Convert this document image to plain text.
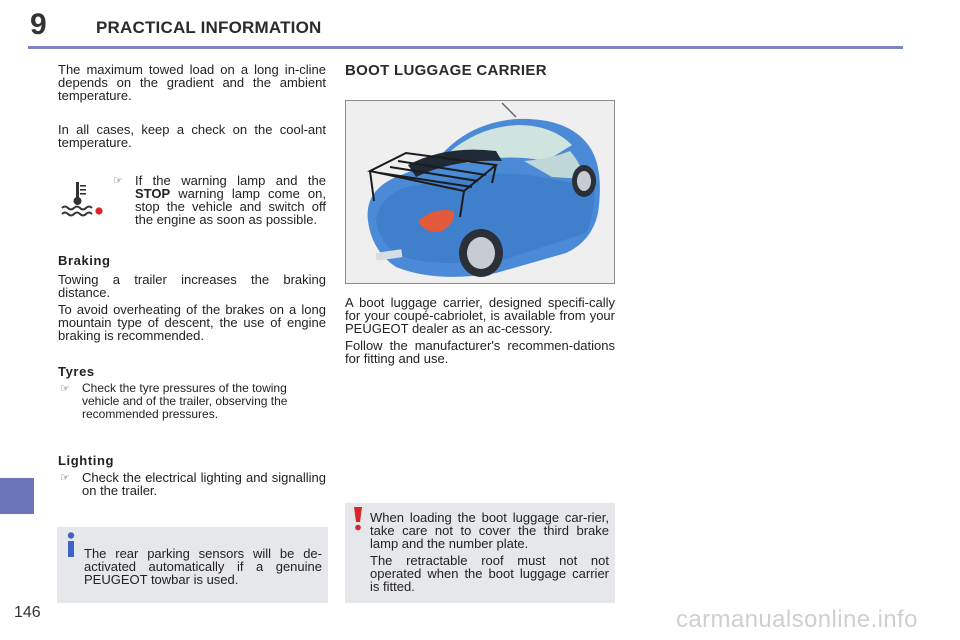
9	PRACTICAL INFORMATION
146

The maximum towed load on a long in-cline depends on the gradient and the ambient temperature.

In all cases, keep a check on the cool-ant temperature.

☞ If the warning lamp and the STOP warning lamp come on, stop the vehicle and switch off the engine as soon as possible.

Braking

Towing a trailer increases the braking distance.

To avoid overheating of the brakes on a long mountain type of descent, the use of engine braking is recommended.

Tyres

☞	Check the tyre pressures of the towing vehicle and of the trailer, observing the recommended pressures.

Lighting

☞ Check the electrical lighting and signalling on the trailer.

The rear parking sensors will be de-activated automatically if a genuine PEUGEOT towbar is used.

BOOT LUGGAGE CARRIER

A boot luggage carrier, designed specifi-cally for your coupé-cabriolet, is available from your PEUGEOT dealer as an ac-cessory.

Follow the manufacturer's recommen-dations for fitting and use.

When loading the boot luggage car-rier, take care not to cover the third brake lamp and the number plate.

The retractable roof must not not operated when the boot luggage carrier is fitted.

carmanualsonline.info
